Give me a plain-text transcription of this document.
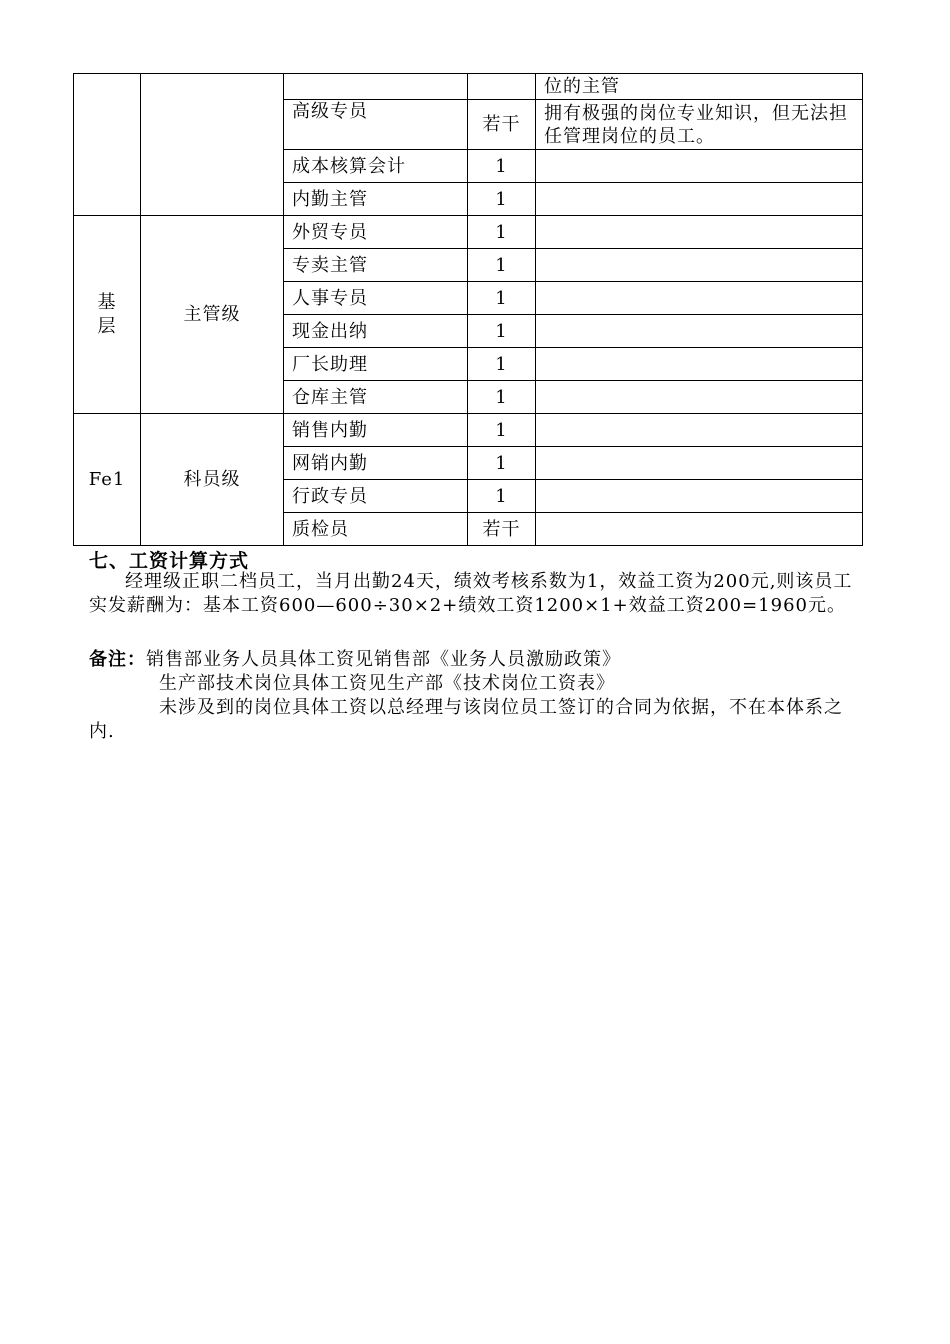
				位的主管
		高级专员	若干	拥有极强的岗位专业知识，但无法担任管理岗位的员工。
		成本核算会计	1	
		内勤主管	1	
基层	主管级	外贸专员	1	
		专卖主管	1	
		人事专员	1	
		现金出纳	1	
		厂长助理	1	
		仓库主管	1	
Fe1	科员级	销售内勤	1	
		网销内勤	1	
		行政专员	1	
		质检员	若干	
七、工资计算方式
经理级正职二档员工，当月出勤24天，绩效考核系数为1，效益工资为200元,则该员工实发薪酬为：基本工资600—600÷30×2+绩效工资1200×1+效益工资200=1960元。
备注：销售部业务人员具体工资见销售部《业务人员激励政策》
生产部技术岗位具体工资见生产部《技术岗位工资表》
未涉及到的岗位具体工资以总经理与该岗位员工签订的合同为依据，不在本体系之内.
